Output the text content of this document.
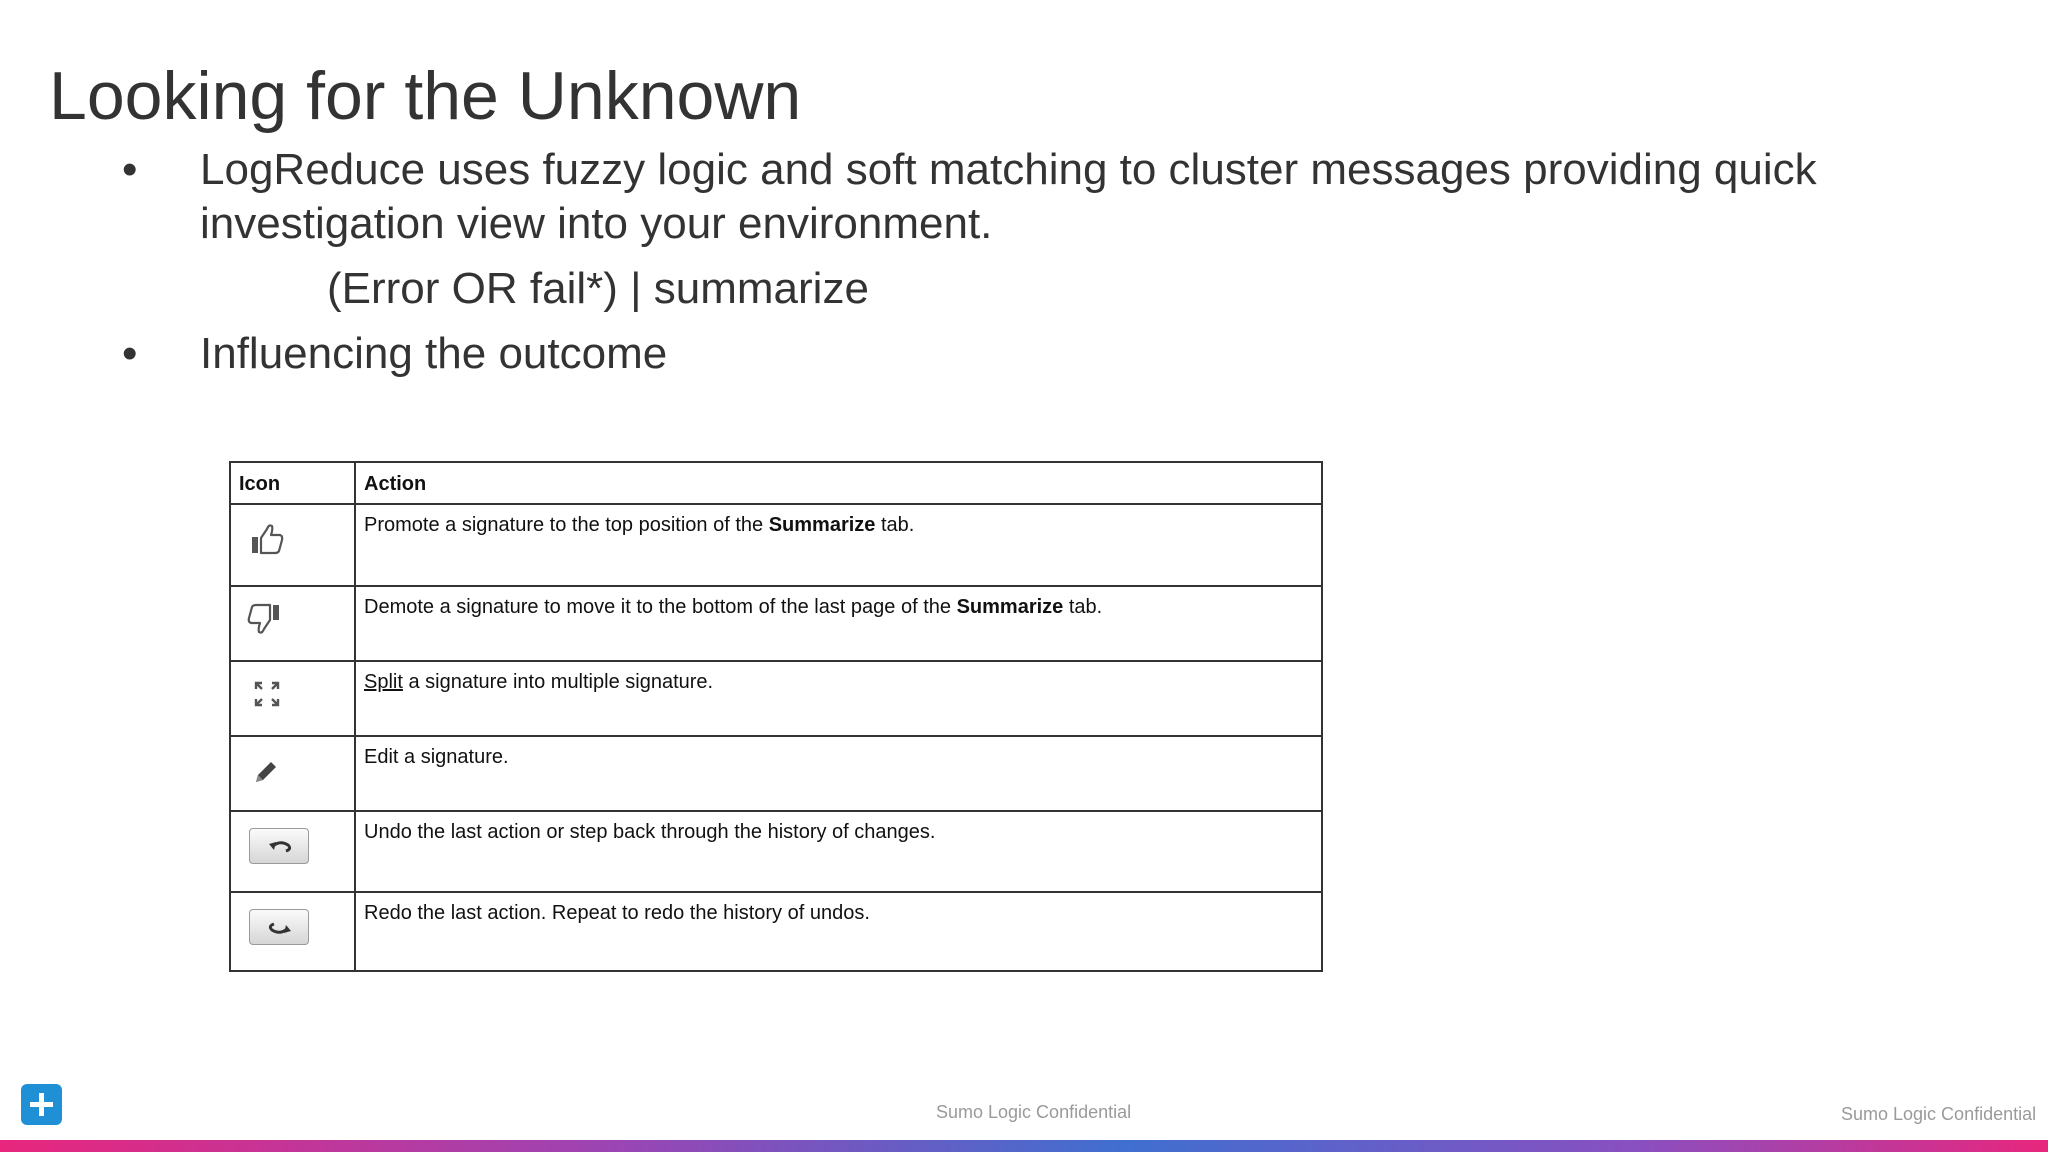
Looking for the Unknown
• LogReduce uses fuzzy logic and soft matching to cluster messages providing quick
investigation view into your environment.
(Error OR fail*) | summarize
• Influencing the outcome
Icon	Action

	Promote a signature to the top position of the Summarize tab.

	Demote a signature to move it to the bottom of the last page of the Summarize tab.

	Split a signature into multiple signature.

	Edit a signature.

	Undo the last action or step back through the history of changes.

	Redo the last action. Repeat to redo the history of undos.
Sumo Logic Confidential	Sumo Logic Confidential
